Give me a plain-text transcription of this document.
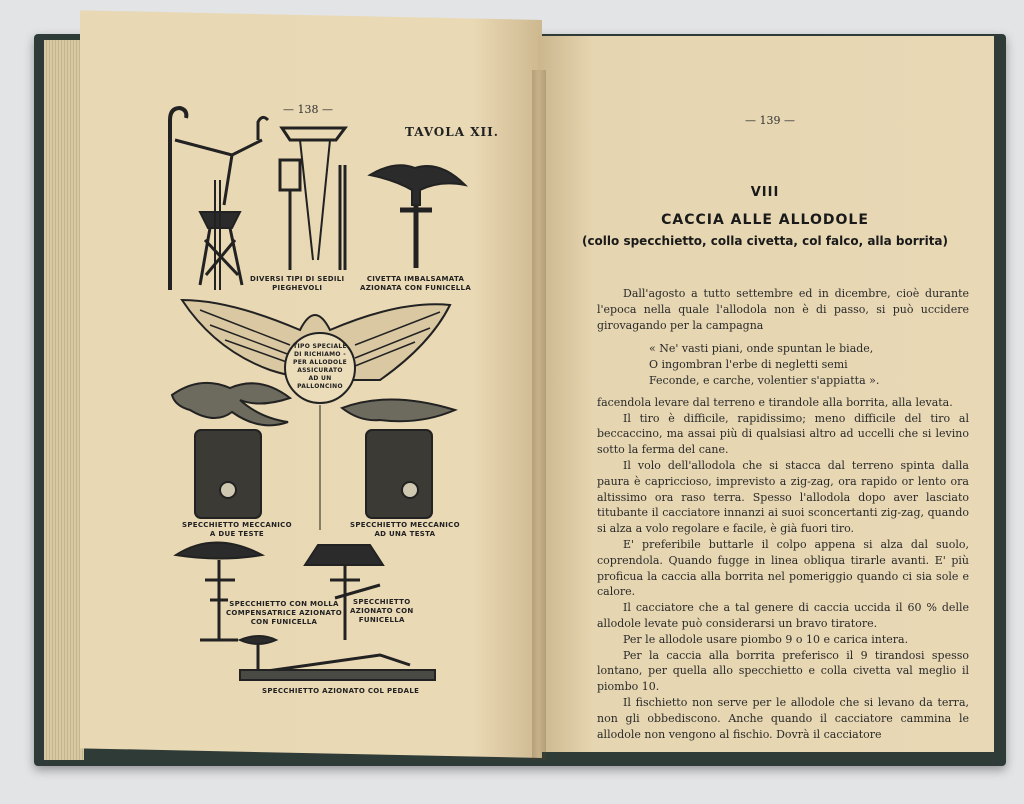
— 138 —
TAVOLA XII.
DIVERSI TIPI DI SEDILI
PIEGHEVOLI
CIVETTA IMBALSAMATA
AZIONATA CON FUNICELLA
TIPO SPECIALE
DI RICHIAMO -
PER ALLODOLE
ASSICURATO
AD UN
PALLONCINO
SPECCHIETTO MECCANICO
A DUE TESTE
SPECCHIETTO MECCANICO
AD UNA TESTA
SPECCHIETTO CON MOLLA
COMPENSATRICE AZIONATO
CON FUNICELLA
SPECCHIETTO
AZIONATO CON
FUNICELLA
SPECCHIETTO AZIONATO COL PEDALE
— 139 —
VIII
CACCIA ALLE ALLODOLE
(collo specchietto, colla civetta, col falco, alla borrita)

Dall'agosto a tutto settembre ed in dicembre, cioè durante l'epoca nella quale l'allodola non è di passo, si può uccidere girovagando per la campagna

« Ne' vasti piani, onde spuntan le biade,
O ingombran l'erbe di negletti semi
Feconde, e carche, volentier s'appiatta ».

facendola levare dal terreno e tirandole alla borrita, alla levata.

Il tiro è difficile, rapidissimo; meno difficile del tiro al beccaccino, ma assai più di qualsiasi altro ad uccelli che si levino sotto la ferma del cane.

Il volo dell'allodola che si stacca dal terreno spinta dalla paura è capriccioso, imprevisto a zig-zag, ora rapido or lento ora altissimo ora raso terra. Spesso l'allodola dopo aver lasciato titubante il cacciatore innanzi ai suoi sconcertanti zig-zag, quando si alza a volo regolare e facile, è già fuori tiro.

E' preferibile buttarle il colpo appena si alza dal suolo, coprendola. Quando fugge in linea obliqua tirarle avanti. E' più proficua la caccia alla borrita nel pomeriggio quando ci sia sole e calore.

Il cacciatore che a tal genere di caccia uccida il 60 % delle allodole levate può considerarsi un bravo tiratore.

Per le allodole usare piombo 9 o 10 e carica intera.

Per la caccia alla borrita preferisco il 9 tirandosi spesso lontano, per quella allo specchietto e colla civetta val meglio il piombo 10.

Il fischietto non serve per le allodole che si levano da terra, non gli obbediscono. Anche quando il cacciatore cammina le allodole non vengono al fischio. Dovrà il cacciatore
